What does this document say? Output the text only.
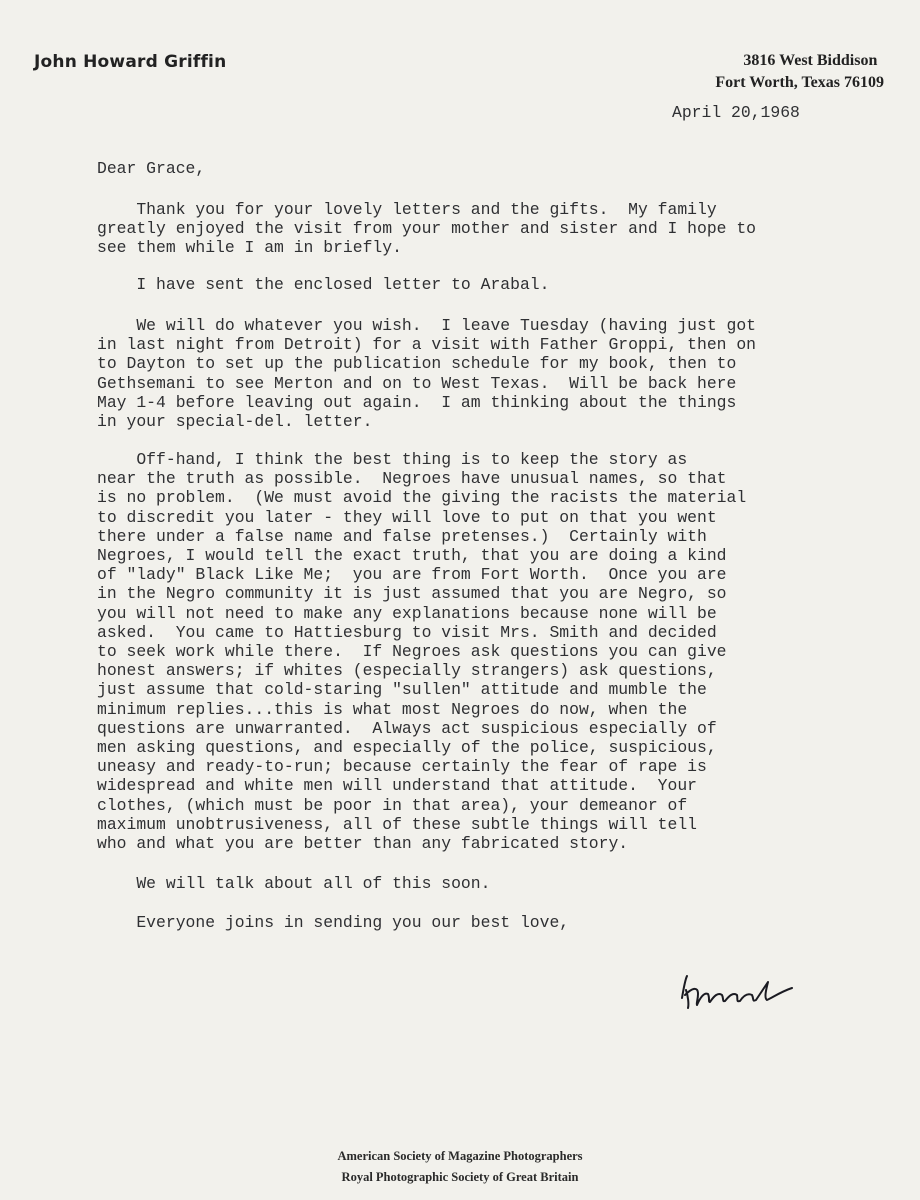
John Howard Griffin	3816 West Biddison
Fort Worth, Texas 76109
April 20,1968
Dear Grace,

Thank you for your lovely letters and the gifts.  My family
greatly enjoyed the visit from your mother and sister and I hope to
see them while I am in briefly.

I have sent the enclosed letter to Arabal.

We will do whatever you wish.  I leave Tuesday (having just got
in last night from Detroit) for a visit with Father Groppi, then on
to Dayton to set up the publication schedule for my book, then to
Gethsemani to see Merton and on to West Texas.  Will be back here
May 1-4 before leaving out again.  I am thinking about the things
in your special-del. letter.

Off-hand, I think the best thing is to keep the story as
near the truth as possible.  Negroes have unusual names, so that
is no problem.  (We must avoid the giving the racists the material
to discredit you later - they will love to put on that you went
there under a false name and false pretenses.)  Certainly with
Negroes, I would tell the exact truth, that you are doing a kind
of "lady" Black Like Me;  you are from Fort Worth.  Once you are
in the Negro community it is just assumed that you are Negro, so
you will not need to make any explanations because none will be
asked.  You came to Hattiesburg to visit Mrs. Smith and decided
to seek work while there.  If Negroes ask questions you can give
honest answers; if whites (especially strangers) ask questions,
just assume that cold-staring "sullen" attitude and mumble the
minimum replies...this is what most Negroes do now, when the
questions are unwarranted.  Always act suspicious especially of
men asking questions, and especially of the police, suspicious,
uneasy and ready-to-run; because certainly the fear of rape is
widespread and white men will understand that attitude.  Your
clothes, (which must be poor in that area), your demeanor of
maximum unobtrusiveness, all of these subtle things will tell
who and what you are better than any fabricated story.

We will talk about all of this soon.

Everyone joins in sending you our best love,

American Society of Magazine Photographers
Royal Photographic Society of Great Britain
